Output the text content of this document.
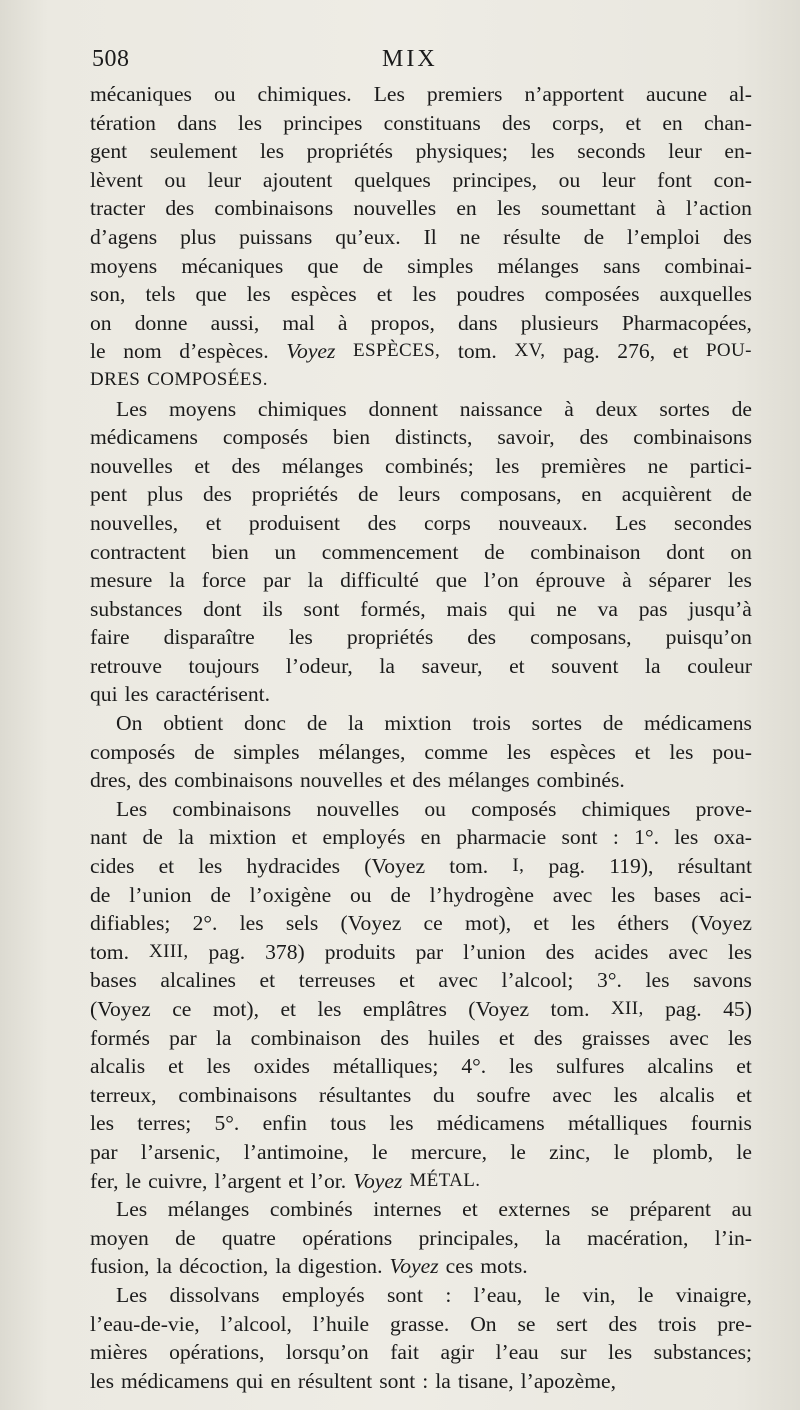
508	MIX
mécaniques ou chimiques. Les premiers n’apportent aucune al-
tération dans les principes constituans des corps, et en chan-
gent seulement les propriétés physiques; les seconds leur en-
lèvent ou leur ajoutent quelques principes, ou leur font con-
tracter des combinaisons nouvelles en les soumettant à l’action
d’agens plus puissans qu’eux. Il ne résulte de l’emploi des
moyens mécaniques que de simples mélanges sans combinai-
son, tels que les espèces et les poudres composées auxquelles
on donne aussi, mal à propos, dans plusieurs Pharmacopées,
le nom d’espèces. Voyez ESPÈCES, tom. XV, pag. 276, et POU-
DRES COMPOSÉES.
Les moyens chimiques donnent naissance à deux sortes de
médicamens composés bien distincts, savoir, des combinaisons
nouvelles et des mélanges combinés; les premières ne partici-
pent plus des propriétés de leurs composans, en acquièrent de
nouvelles, et produisent des corps nouveaux. Les secondes
contractent bien un commencement de combinaison dont on
mesure la force par la difficulté que l’on éprouve à séparer les
substances dont ils sont formés, mais qui ne va pas jusqu’à
faire disparaître les propriétés des composans, puisqu’on
retrouve toujours l’odeur, la saveur, et souvent la couleur
qui les caractérisent.
On obtient donc de la mixtion trois sortes de médicamens
composés de simples mélanges, comme les espèces et les pou-
dres, des combinaisons nouvelles et des mélanges combinés.
Les combinaisons nouvelles ou composés chimiques prove-
nant de la mixtion et employés en pharmacie sont : 1°. les oxa-
cides et les hydracides (Voyez tom. I, pag. 119), résultant
de l’union de l’oxigène ou de l’hydrogène avec les bases aci-
difiables; 2°. les sels (Voyez ce mot), et les éthers (Voyez
tom. XIII, pag. 378) produits par l’union des acides avec les
bases alcalines et terreuses et avec l’alcool; 3°. les savons
(Voyez ce mot), et les emplâtres (Voyez tom. XII, pag. 45)
formés par la combinaison des huiles et des graisses avec les
alcalis et les oxides métalliques; 4°. les sulfures alcalins et
terreux, combinaisons résultantes du soufre avec les alcalis et
les terres; 5°. enfin tous les médicamens métalliques fournis
par l’arsenic, l’antimoine, le mercure, le zinc, le plomb, le
fer, le cuivre, l’argent et l’or. Voyez MÉTAL.
Les mélanges combinés internes et externes se préparent au
moyen de quatre opérations principales, la macération, l’in-
fusion, la décoction, la digestion. Voyez ces mots.
Les dissolvans employés sont : l’eau, le vin, le vinaigre,
l’eau-de-vie, l’alcool, l’huile grasse. On se sert des trois pre-
mières opérations, lorsqu’on fait agir l’eau sur les substances;
les médicamens qui en résultent sont : la tisane, l’apozème,
